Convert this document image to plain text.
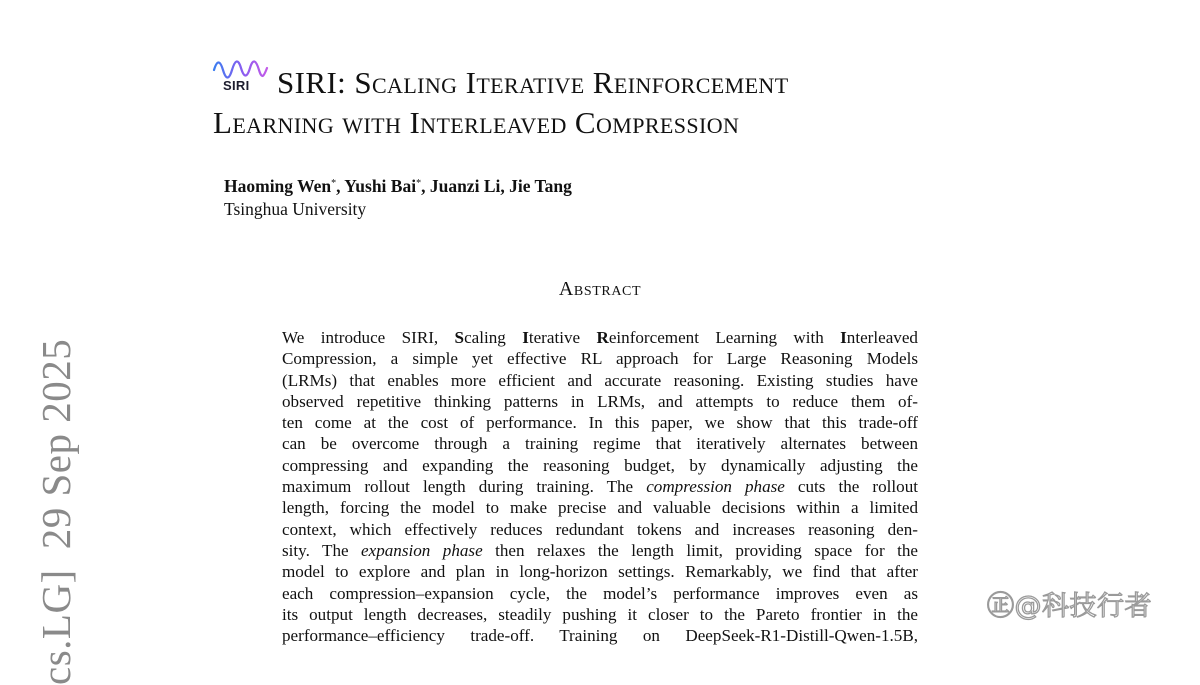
cs.LG]29 Sep 2025
SIRI SIRI: Scaling Iterative Reinforcement
Learning with Interleaved Compression
Haoming Wen*, Yushi Bai*, Juanzi Li, Jie Tang
Tsinghua University
Abstract
We introduce SIRI, Scaling Iterative Reinforcement Learning with Interleaved
Compression, a simple yet effective RL approach for Large Reasoning Models
(LRMs) that enables more efficient and accurate reasoning. Existing studies have
observed repetitive thinking patterns in LRMs, and attempts to reduce them of-
ten come at the cost of performance. In this paper, we show that this trade-off
can be overcome through a training regime that iteratively alternates between
compressing and expanding the reasoning budget, by dynamically adjusting the
maximum rollout length during training. The compression phase cuts the rollout
length, forcing the model to make precise and valuable decisions within a limited
context, which effectively reduces redundant tokens and increases reasoning den-
sity. The expansion phase then relaxes the length limit, providing space for the
model to explore and plan in long-horizon settings. Remarkably, we find that after
each compression–expansion cycle, the model’s performance improves even as
its output length decreases, steadily pushing it closer to the Pareto frontier in the
performance–efficiency trade-off. Training on DeepSeek-R1-Distill-Qwen-1.5B,
㊣@科技行者
